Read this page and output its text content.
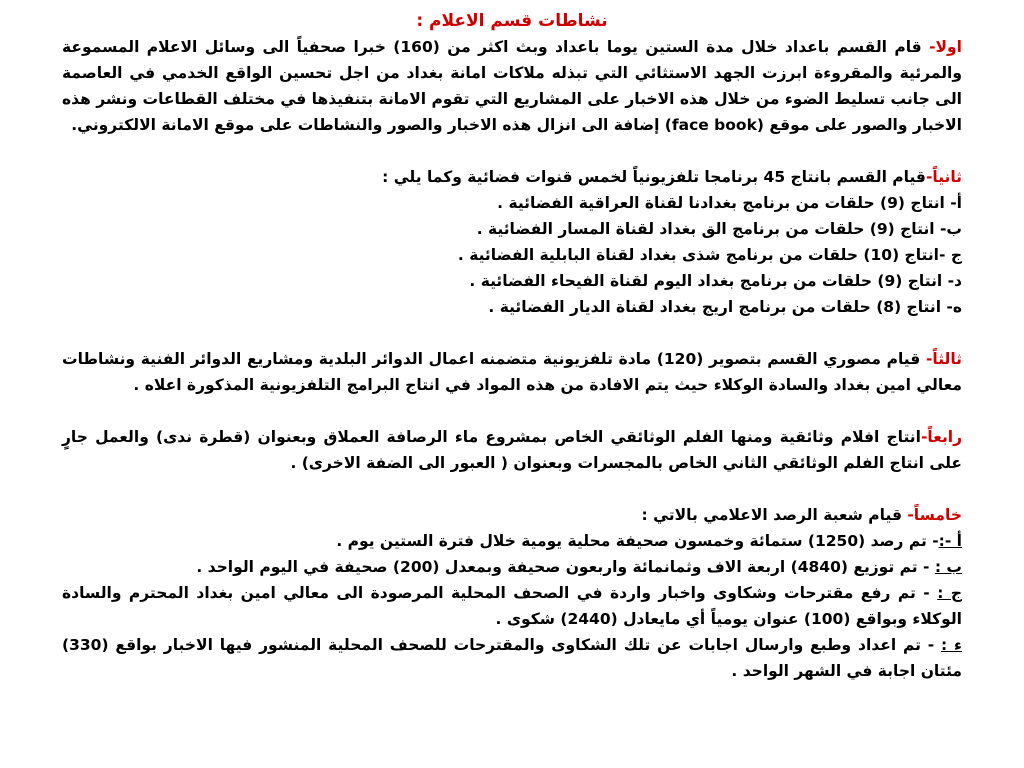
نشاطات قسم الاعلام :

اولا- قام القسم باعداد خلال مدة الستين يوما باعداد وبث اكثر من (160) خبرا صحفياً الى وسائل الاعلام المسموعة والمرئية والمقروءة ابرزت الجهد الاستثائي التي تبذله ملاكات امانة بغداد من اجل تحسين الواقع الخدمي في العاصمة الى جانب تسليط الضوء من خلال هذه الاخبار على المشاريع التي تقوم الامانة بتنفيذها في مختلف القطاعات ونشر هذه الاخبار والصور على موقع (face book) إضافة الى انزال هذه الاخبار والصور والنشاطات على موقع الامانة الالكتروني.

ثانياً-قيام القسم بانتاج 45 برنامجا تلفزيونياً لخمس قنوات فضائية وكما يلي :

أ- انتاج (9) حلقات من برنامج بغدادنا لقناة العراقية الفضائية .

ب- انتاج (9) حلقات من برنامج الق بغداد لقناة المسار الفضائية .

ج -انتاج (10) حلقات من برنامج شذى بغداد لقناة البابلية الفضائية .

د- انتاج (9) حلقات من برنامج بغداد اليوم لقناة الفيحاء الفضائية .

ه- انتاج (8) حلقات من برنامج اريج بغداد لقناة الديار الفضائية .

ثالثاً- قيام مصوري القسم بتصوير (120) مادة تلفزيونية متضمنه اعمال الدوائر البلدية ومشاريع الدوائر الفنية ونشاطات معالي امين بغداد والسادة الوكلاء حيث يتم الافادة من هذه المواد في انتاج البرامج التلفزيونية المذكورة اعلاه .

رابعاً-انتاج افلام وثائقية ومنها الفلم الوثائقي الخاص بمشروع ماء الرصافة العملاق وبعنوان (قطرة ندى) والعمل جارٍ على انتاج الفلم الوثائقي الثاني الخاص بالمجسرات وبعنوان ( العبور الى الضفة الاخرى) .

خامساً- قيام شعبة الرصد الاعلامي بالاتي :

أ -:- تم رصد (1250) ستمائة وخمسون صحيفة محلية يومية خلال فترة الستين يوم .

ب : - تم توزيع (4840) اربعة الاف وثمانمائة واربعون صحيفة وبمعدل (200) صحيفة في اليوم الواحد .

ج : - تم رفع مقترحات وشكاوى واخبار واردة في الصحف المحلية المرصودة الى معالي امين بغداد المحترم والسادة الوكلاء وبواقع (100) عنوان يومياً أي مايعادل (2440) شكوى .

ء : - تم اعداد وطبع وارسال اجابات عن تلك الشكاوى والمقترحات للصحف المحلية المنشور فيها الاخبار بواقع (330) مئتان اجابة في الشهر الواحد .
